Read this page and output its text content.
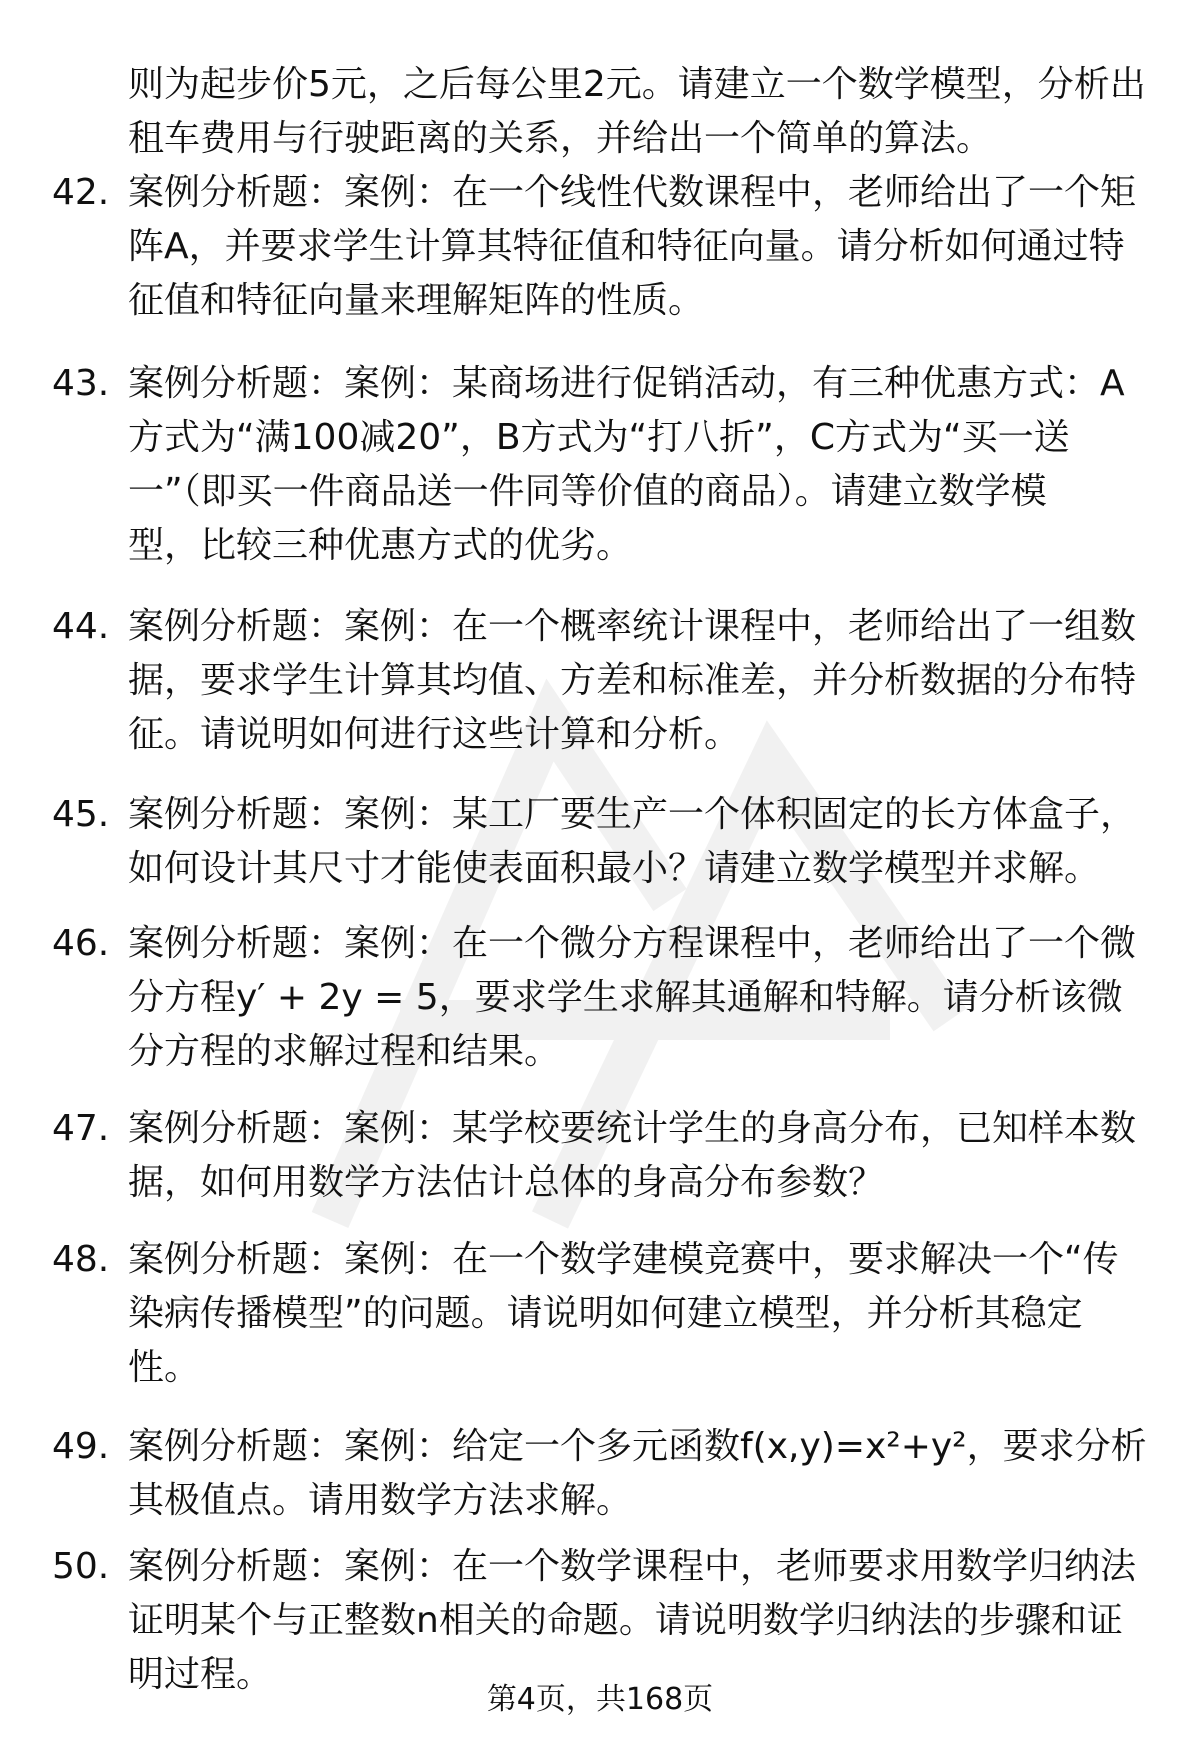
则为起步价5元，之后每公里2元。请建立一个数学模型，分析出

租车费用与行驶距离的关系，并给出一个简单的算法。

42. 案例分析题：案例：在一个线性代数课程中，老师给出了一个矩

阵A，并要求学生计算其特征值和特征向量。请分析如何通过特

征值和特征向量来理解矩阵的性质。

43. 案例分析题：案例：某商场进行促销活动，有三种优惠方式：A

方式为“满100减20”，B方式为“打八折”，C方式为“买一送

一”（即买一件商品送一件同等价值的商品）。请建立数学模

型，比较三种优惠方式的优劣。

44. 案例分析题：案例：在一个概率统计课程中，老师给出了一组数

据，要求学生计算其均值、方差和标准差，并分析数据的分布特

征。请说明如何进行这些计算和分析。

45. 案例分析题：案例：某工厂要生产一个体积固定的长方体盒子，

如何设计其尺寸才能使表面积最小？请建立数学模型并求解。

46. 案例分析题：案例：在一个微分方程课程中，老师给出了一个微

分方程y′ + 2y = 5，要求学生求解其通解和特解。请分析该微

分方程的求解过程和结果。

47. 案例分析题：案例：某学校要统计学生的身高分布，已知样本数

据，如何用数学方法估计总体的身高分布参数？

48. 案例分析题：案例：在一个数学建模竞赛中，要求解决一个“传

染病传播模型”的问题。请说明如何建立模型，并分析其稳定

性。

49. 案例分析题：案例：给定一个多元函数f(x,y)=x²+y²，要求分析

其极值点。请用数学方法求解。

50. 案例分析题：案例：在一个数学课程中，老师要求用数学归纳法

证明某个与正整数n相关的命题。请说明数学归纳法的步骤和证

明过程。

第4页，共168页
